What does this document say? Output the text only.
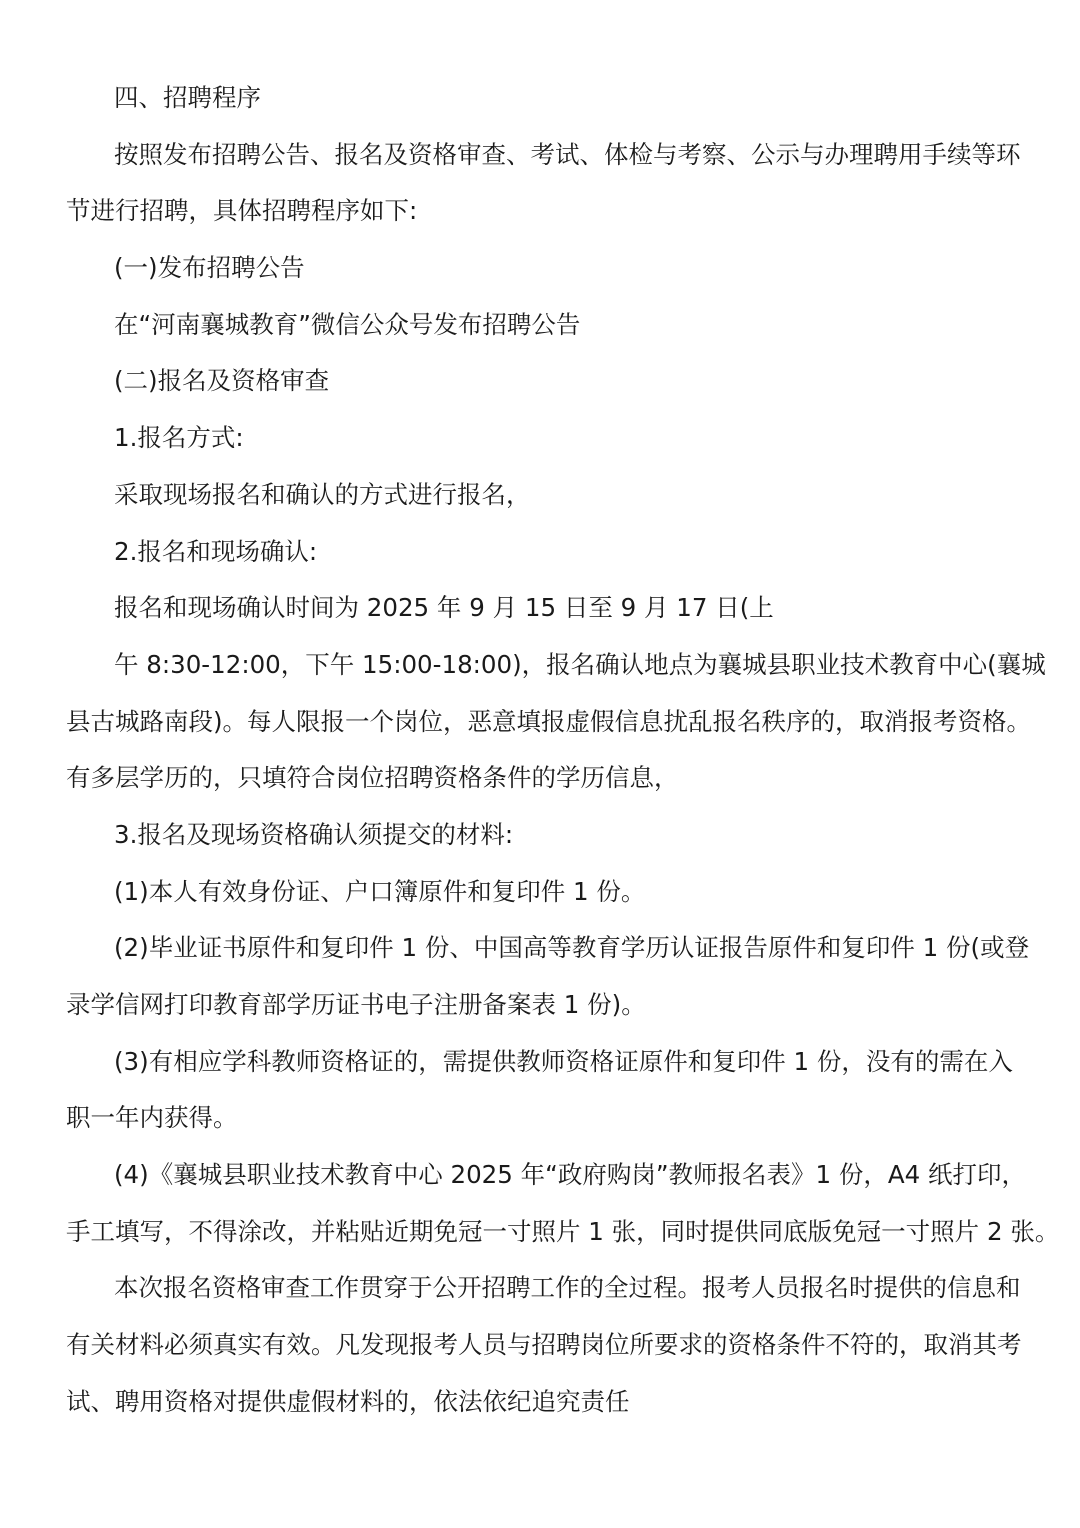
四、招聘程序

按照发布招聘公告、报名及资格审查、考试、体检与考察、公示与办理聘用手续等环

节进行招聘，具体招聘程序如下:

(一)发布招聘公告

在“河南襄城教育”微信公众号发布招聘公告

(二)报名及资格审查

1.报名方式:

采取现场报名和确认的方式进行报名，

2.报名和现场确认:

报名和现场确认时间为 2025 年 9 月 15 日至 9 月 17 日(上

午 8:30-12:00，下午 15:00-18:00)，报名确认地点为襄城县职业技术教育中心(襄城

县古城路南段)。每人限报一个岗位，恶意填报虚假信息扰乱报名秩序的，取消报考资格。

有多层学历的，只填符合岗位招聘资格条件的学历信息，

3.报名及现场资格确认须提交的材料:

(1)本人有效身份证、户口簿原件和复印件 1 份。

(2)毕业证书原件和复印件 1 份、中国高等教育学历认证报告原件和复印件 1 份(或登

录学信网打印教育部学历证书电子注册备案表 1 份)。

(3)有相应学科教师资格证的，需提供教师资格证原件和复印件 1 份，没有的需在入

职一年内获得。

(4)《襄城县职业技术教育中心 2025 年“政府购岗”教师报名表》1 份，A4 纸打印，

手工填写，不得涂改，并粘贴近期免冠一寸照片 1 张，同时提供同底版免冠一寸照片 2 张。

本次报名资格审查工作贯穿于公开招聘工作的全过程。报考人员报名时提供的信息和

有关材料必须真实有效。凡发现报考人员与招聘岗位所要求的资格条件不符的，取消其考

试、聘用资格对提供虚假材料的，依法依纪追究责任
